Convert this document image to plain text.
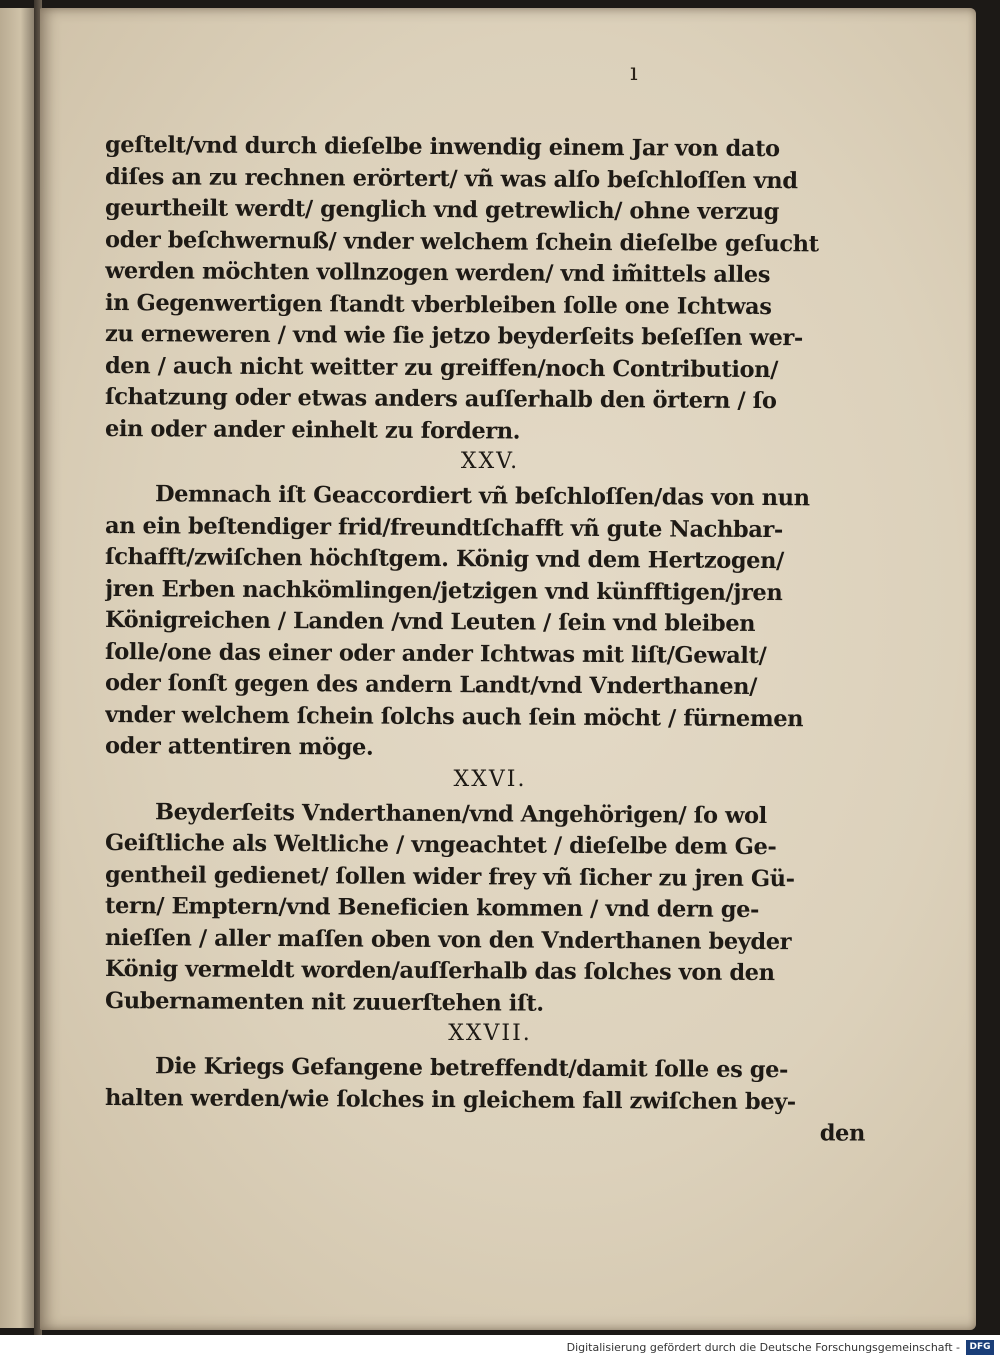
ı
geſtelt/vnd durch dieſelbe inwendig einem Jar von dato
diſes an zu rechnen erörtert/ vñ was alſo beſchloſſen vnd
geurtheilt werdt/ genglich vnd getrewlich/ ohne verzug
oder beſchwernuß/ vnder welchem ſchein dieſelbe geſucht
werden möchten vollnzogen werden/ vnd im̃ittels alles
in Gegenwertigen ſtandt vberbleiben ſolle one Ichtwas
zu erneweren / vnd wie ſie jetzo beyderſeits beſeſſen wer-
den / auch nicht weitter zu greiffen/noch Contribution/
ſchatzung oder etwas anders auſſerhalb den örtern / ſo
ein oder ander einhelt zu fordern.
XXV.
Demnach iſt Geaccordiert vñ beſchloſſen/das von nun
an ein beſtendiger frid/freundtſchafft vñ gute Nachbar-
ſchafft/zwiſchen höchſtgem. König vnd dem Hertzogen/
jren Erben nachkömlingen/jetzigen vnd künfftigen/jren
Königreichen / Landen /vnd Leuten / ſein vnd bleiben
ſolle/one das einer oder ander Ichtwas mit liſt/Gewalt/
oder ſonſt gegen des andern Landt/vnd Vnderthanen/
vnder welchem ſchein ſolchs auch ſein möcht / fürnemen
oder attentiren möge.
XXVI.
Beyderſeits Vnderthanen/vnd Angehörigen/ ſo wol
Geiſtliche als Weltliche / vngeachtet / dieſelbe dem Ge-
gentheil gedienet/ ſollen wider frey vñ ſicher zu jren Gü-
tern/ Emptern/vnd Beneficien kommen / vnd dern ge-
nieſſen / aller maſſen oben von den Vnderthanen beyder
König vermeldt worden/auſſerhalb das ſolches von den
Gubernamenten nit zuuerſtehen iſt.
XXVII.
Die Kriegs Gefangene betreffendt/damit ſolle es ge-
halten werden/wie ſolches in gleichem fall zwiſchen bey-
den
Digitalisierung gefördert durch die Deutsche Forschungsgemeinschaft -	DFG
